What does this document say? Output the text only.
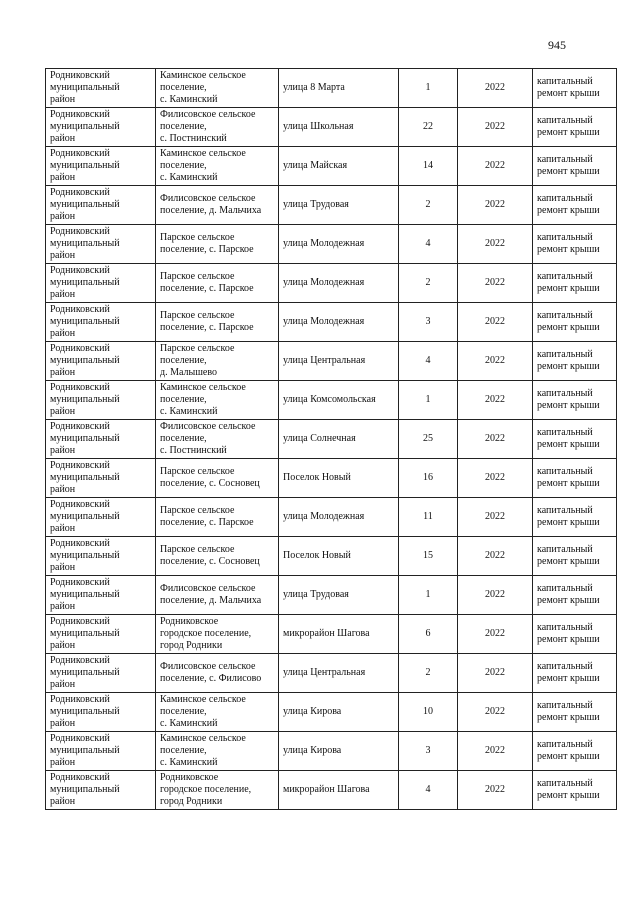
945
Родниковский
муниципальный
район	Каминское сельское
поселение,
с. Каминский	улица 8 Марта	1	2022	капитальный
ремонт крыши

Родниковский
муниципальный
район	Филисовское сельское
поселение,
с. Постнинский	улица Школьная	22	2022	капитальный
ремонт крыши

Родниковский
муниципальный
район	Каминское сельское
поселение,
с. Каминский	улица Майская	14	2022	капитальный
ремонт крыши

Родниковский
муниципальный
район	Филисовское сельское
поселение, д. Мальчиха	улица Трудовая	2	2022	капитальный
ремонт крыши

Родниковский
муниципальный
район	Парское сельское
поселение, с. Парское	улица Молодежная	4	2022	капитальный
ремонт крыши

Родниковский
муниципальный
район	Парское сельское
поселение, с. Парское	улица Молодежная	2	2022	капитальный
ремонт крыши

Родниковский
муниципальный
район	Парское сельское
поселение, с. Парское	улица Молодежная	3	2022	капитальный
ремонт крыши

Родниковский
муниципальный
район	Парское сельское
поселение,
д. Малышево	улица Центральная	4	2022	капитальный
ремонт крыши

Родниковский
муниципальный
район	Каминское сельское
поселение,
с. Каминский	улица Комсомольская	1	2022	капитальный
ремонт крыши

Родниковский
муниципальный
район	Филисовское сельское
поселение,
с. Постнинский	улица Солнечная	25	2022	капитальный
ремонт крыши

Родниковский
муниципальный
район	Парское сельское
поселение, с. Сосновец	Поселок Новый	16	2022	капитальный
ремонт крыши

Родниковский
муниципальный
район	Парское сельское
поселение, с. Парское	улица Молодежная	11	2022	капитальный
ремонт крыши

Родниковский
муниципальный
район	Парское сельское
поселение, с. Сосновец	Поселок Новый	15	2022	капитальный
ремонт крыши

Родниковский
муниципальный
район	Филисовское сельское
поселение, д. Мальчиха	улица Трудовая	1	2022	капитальный
ремонт крыши

Родниковский
муниципальный
район	Родниковское
городское поселение,
город Родники	микрорайон Шагова	6	2022	капитальный
ремонт крыши

Родниковский
муниципальный
район	Филисовское сельское
поселение, с. Филисово	улица Центральная	2	2022	капитальный
ремонт крыши

Родниковский
муниципальный
район	Каминское сельское
поселение,
с. Каминский	улица Кирова	10	2022	капитальный
ремонт крыши

Родниковский
муниципальный
район	Каминское сельское
поселение,
с. Каминский	улица Кирова	3	2022	капитальный
ремонт крыши

Родниковский
муниципальный
район	Родниковское
городское поселение,
город Родники	микрорайон Шагова	4	2022	капитальный
ремонт крыши
